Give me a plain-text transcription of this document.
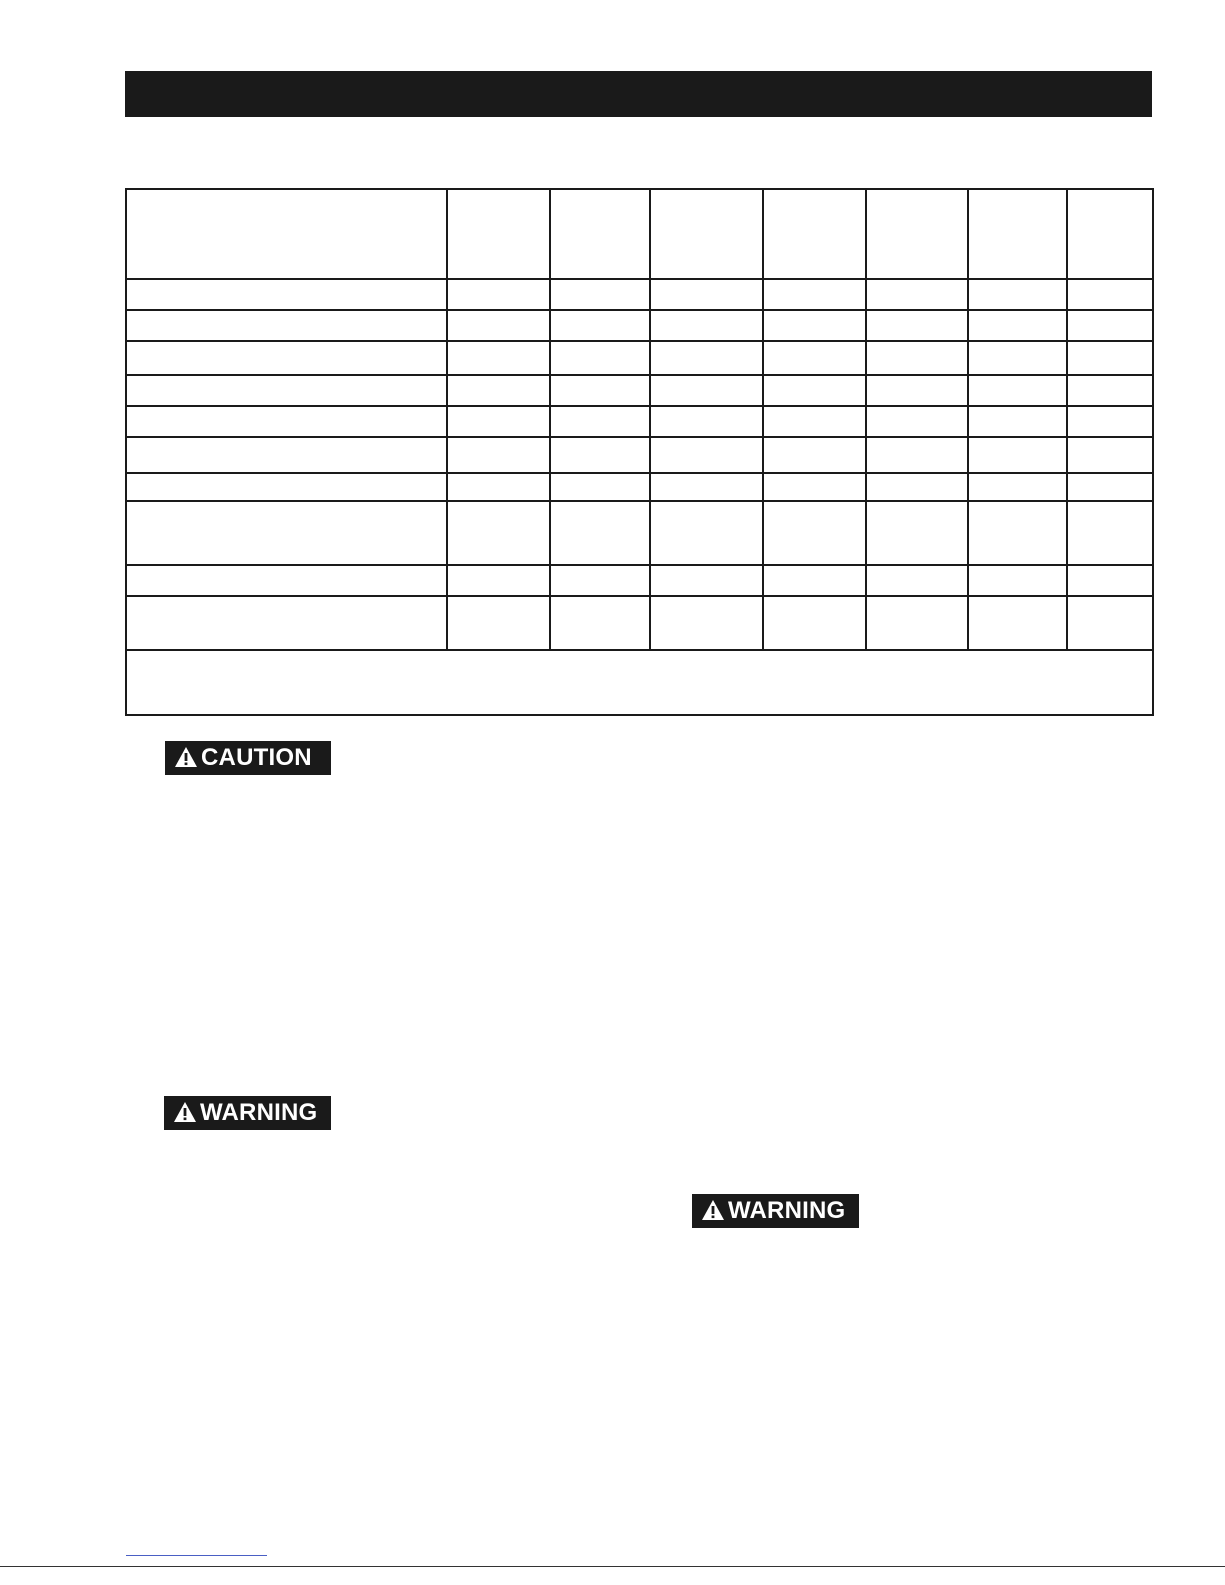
CAUTION
WARNING
WARNING
